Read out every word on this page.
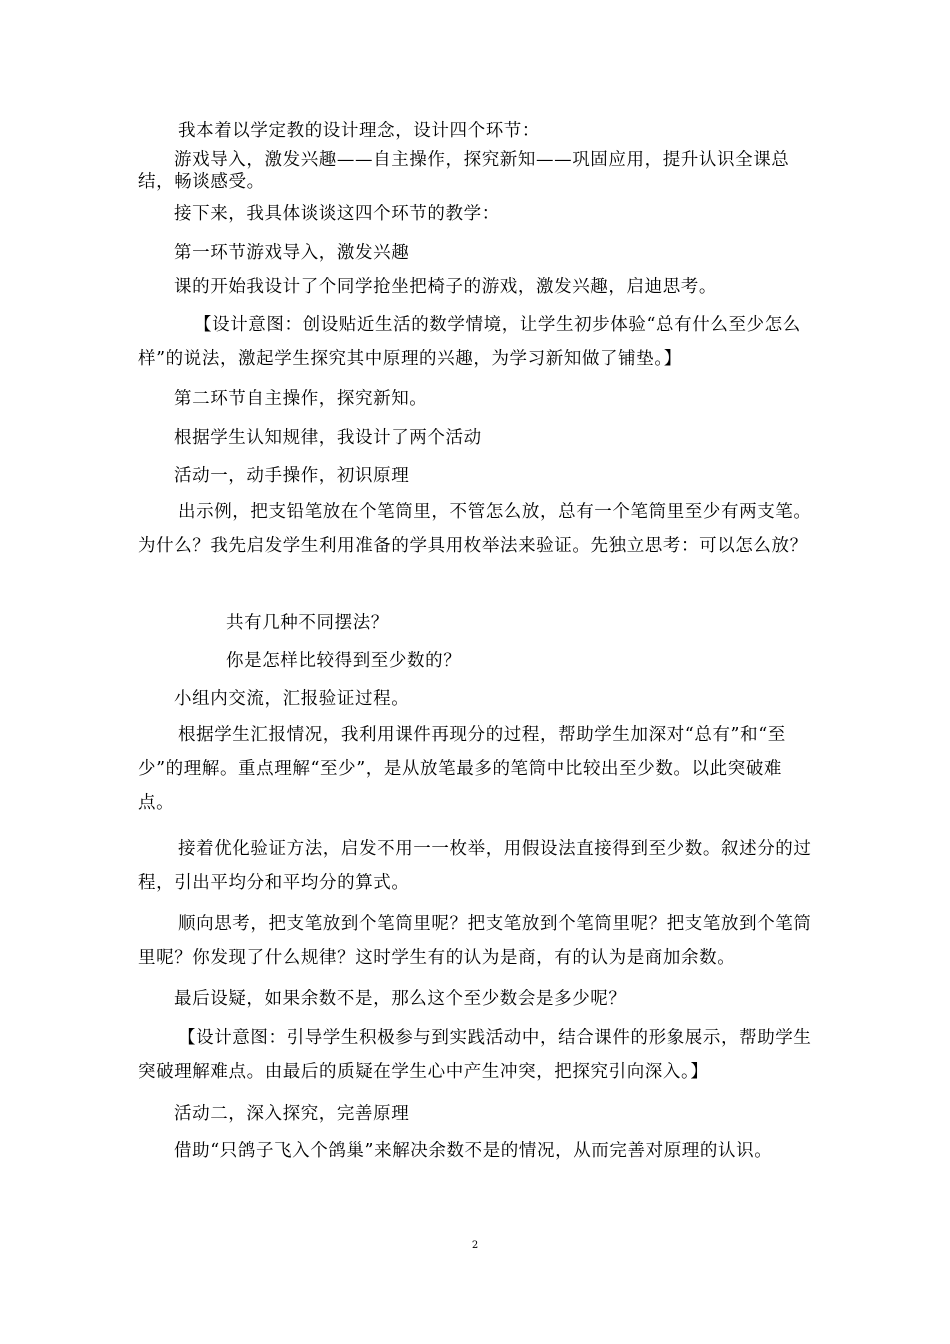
我本着以学定教的设计理念，设计四个环节：

游戏导入，激发兴趣——自主操作，探究新知——巩固应用，提升认识全课总结，畅谈感受。

接下来，我具体谈谈这四个环节的教学：

第一环节游戏导入，激发兴趣

课的开始我设计了个同学抢坐把椅子的游戏，激发兴趣，启迪思考。

【设计意图：创设贴近生活的数学情境，让学生初步体验“总有什么至少怎么样”的说法，激起学生探究其中原理的兴趣，为学习新知做了铺垫。】

第二环节自主操作，探究新知。

根据学生认知规律，我设计了两个活动

活动一，动手操作，初识原理

出示例，把支铅笔放在个笔筒里，不管怎么放，总有一个笔筒里至少有两支笔。为什么？我先启发学生利用准备的学具用枚举法来验证。先独立思考：可以怎么放？

共有几种不同摆法？

你是怎样比较得到至少数的？

小组内交流，汇报验证过程。

根据学生汇报情况，我利用课件再现分的过程，帮助学生加深对“总有”和“至少”的理解。重点理解“至少”，是从放笔最多的笔筒中比较出至少数。以此突破难点。

接着优化验证方法，启发不用一一枚举，用假设法直接得到至少数。叙述分的过程，引出平均分和平均分的算式。

顺向思考，把支笔放到个笔筒里呢？把支笔放到个笔筒里呢？把支笔放到个笔筒里呢？你发现了什么规律？这时学生有的认为是商，有的认为是商加余数。

最后设疑，如果余数不是，那么这个至少数会是多少呢？

【设计意图：引导学生积极参与到实践活动中，结合课件的形象展示，帮助学生突破理解难点。由最后的质疑在学生心中产生冲突，把探究引向深入。】

活动二，深入探究，完善原理

借助“只鸽子飞入个鸽巢”来解决余数不是的情况，从而完善对原理的认识。

2
